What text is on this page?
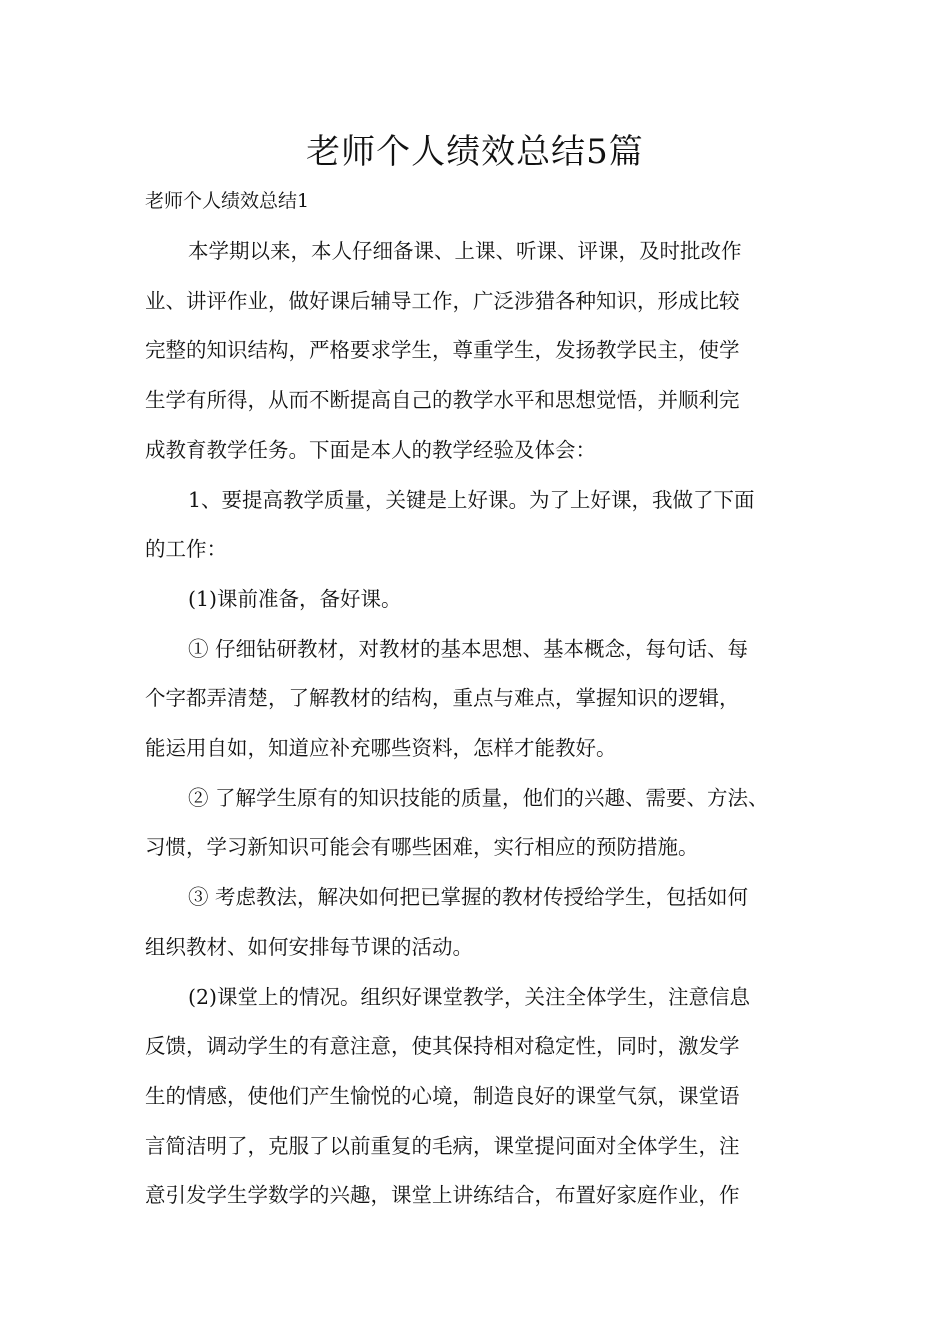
老师个人绩效总结5篇
老师个人绩效总结1
本学期以来，本人仔细备课、上课、听课、评课，及时批改作
业、讲评作业，做好课后辅导工作，广泛涉猎各种知识，形成比较
完整的知识结构，严格要求学生，尊重学生，发扬教学民主，使学
生学有所得，从而不断提高自己的教学水平和思想觉悟，并顺利完
成教育教学任务。下面是本人的教学经验及体会：
1、要提高教学质量，关键是上好课。为了上好课，我做了下面
的工作：
(1)课前准备，备好课。
① 仔细钻研教材，对教材的基本思想、基本概念，每句话、每
个字都弄清楚，了解教材的结构，重点与难点，掌握知识的逻辑，
能运用自如，知道应补充哪些资料，怎样才能教好。
② 了解学生原有的知识技能的质量，他们的兴趣、需要、方法、
习惯，学习新知识可能会有哪些困难，实行相应的预防措施。
③ 考虑教法，解决如何把已掌握的教材传授给学生，包括如何
组织教材、如何安排每节课的活动。
(2)课堂上的情况。组织好课堂教学，关注全体学生，注意信息
反馈，调动学生的有意注意，使其保持相对稳定性，同时，激发学
生的情感，使他们产生愉悦的心境，制造良好的课堂气氛，课堂语
言简洁明了，克服了以前重复的毛病，课堂提问面对全体学生，注
意引发学生学数学的兴趣，课堂上讲练结合，布置好家庭作业，作
